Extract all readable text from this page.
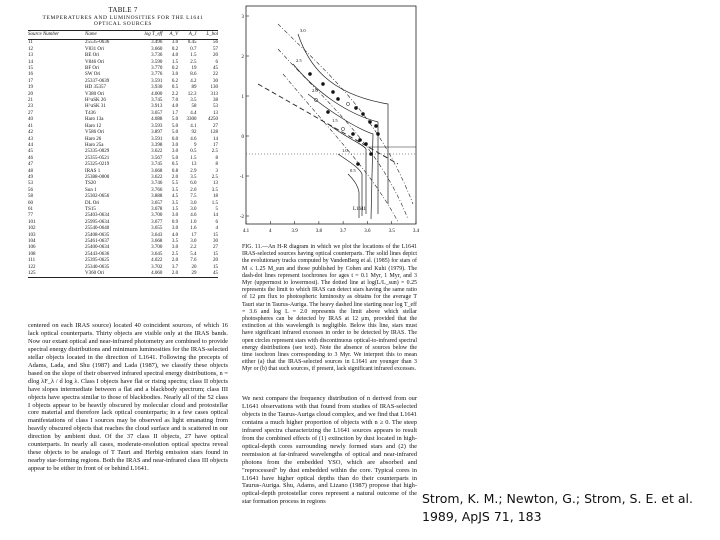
TABLE 7
TEMPERATURES AND LUMINOSITIES FOR THE L1641 OPTICAL SOURCES
Source Number	Name	log T_eff	A_V	A_J	L_bol
11	25535-0636	3.496	3.0	0.45	56
12	V831 Ori	3.660	0.2	0.7	57
13	BE Ori	3.736	4.0	1.5	20
14	V846 Ori	3.590	1.5	2.5	6
15	BF Ori	3.770	0.2	19	45
16	SW Ori	3.776	3.0	8.6	22
17	25337-0639	3.591	6.2	4.2	30
19	HD 35357	3.930	0.5	89	130
20	V380 Ori	4.000	2.2	12.3	313
21	H^aSK 26	3.745	7.0	3.5	38
23	H^aSK 31	3.913	4.0	58	53
27	T436	3.657	1.7	4.4	13
40	Haro 13a	4.088	5.0	3300	4250
41	Haro 12	3.593	5.0	4.1	27
42	V586 Ori	3.897	5.0	92	128
43	Haro 26	3.591	6.0	4.6	14
44	Haro 25a	3.398	3.0	9	17
45	25335-0029	3.622	3.0	0.5	2.5
46	25355-0521	3.567	5.0	1.5	8
47	25325-0219	3.745	0.5	13	8
48	IRAS 1	3.668	0.8	2.9	3
49	25388-0000	3.622	2.0	3.5	2.5
53	TS20	3.746	5.5	6.0	13
56	Sun 1	3.766	3.5	2.0	3.5
58	25302-0656	3.888	4.5	7.5	18
60	DL Ori	3.657	3.5	3.0	1.5
61	TS15	3.678	1.5	3.0	5
77	25403-0634	3.700	3.0	4.6	14
101	25995-0634	3.677	0.9	1.0	6
102	25540-0640	3.655	3.0	1.6	4
103	25408-0635	3.643	4.0	17	15
104	25461-0637	3.668	3.5	3.0	30
106	25400-0634	3.700	3.0	2.2	27
108	25443-0636	3.645	2.5	5.4	15
111	25395-0625	4.022	2.0	7.6	20
122	25340-0635	3.702	3.7	20	15
125	V360 Ori	4.060	2.0	29	45
centered on each IRAS source) located 40 coincident sources, of which 16 lack optical counterparts. Thirty objects are visible only at the IRAS bands. Now our extant optical and near-infrared photometry are combined to provide spectral energy distributions and minimum luminosities for the IRAS-selected stellar objects located in the direction of L1641. Following the precepts of Adams, Lada, and Shu (1987) and Lada (1987), we classify these objects based on the slope of their observed infrared spectral energy distributions, n = dlog λF_λ / d log λ. Class I objects have flat or rising spectra; class II objects have slopes intermediate between a flat and a blackbody spectrum; class III objects have spectra similar to those of blackbodies. Nearly all of the 52 class I objects appear to be heavily obscured by molecular cloud and protostellar core material and therefore lack optical counterparts; in a few cases optical manifestations of class I sources may be observed as light emanating from heavily obscured objects that reaches the cloud surface and is scattered in our direction by ambient dust. Of the 37 class II objects, 27 have optical counterparts. In nearly all cases, moderate-resolution optical spectra reveal these objects to be analogs of T Tauri and Herbig emission stars found in nearby star-forming regions. Both the IRAS and near-infrared class III objects appear to be either in front of or behind L1641.
4.1	4	3.9	3.8	3.7	3.6	3.5	3.4
3
2
1
0
-1
-2
3.0
2.5
2.0
1.5
1.0
0.5
L1641
FIG. 11.—An H-R diagram in which we plot the locations of the L1641 IRAS-selected sources having optical counterparts. The solid lines depict the evolutionary tracks computed by VandenBerg et al. (1985) for stars of M ≤ 1.25 M_sun and those published by Cohen and Kuhi (1979). The dash-dot lines represent isochrones for ages t = 0.1 Myr, 1 Myr, and 3 Myr (uppermost to lowermost). The dotted line at log(L/L_sun) = 0.25 represents the limit to which IRAS can detect stars having the same ratio of 12 μm flux to photospheric luminosity as obtains for the average T Tauri star in Taurus-Auriga. The heavy dashed line starting near log T_eff = 3.6 and log L = 2.0 represents the limit above which stellar photospheres can be detected by IRAS at 12 μm, provided that the extinction at this wavelength is negligible. Below this line, stars must have significant infrared excesses in order to be detected by IRAS. The open circles represent stars with discontinuous optical-to-infrared spectral energy distributions (see text). Note the absence of sources below the time isochron lines corresponding to 3 Myr. We interpret this to mean either (a) that the IRAS-selected sources in L1641 are younger than 3 Myr or (b) that such sources, if present, lack significant infrared excesses.
We next compare the frequency distribution of n derived from our L1641 observations with that found from studies of IRAS-selected objects in the Taurus-Auriga cloud complex, and we find that L1641 contains a much higher proportion of objects with n ≥ 0. The steep infrared spectra characterizing the L1641 sources appears to result from the combined effects of (1) extinction by dust located in high-optical-depth cores surrounding newly formed stars and (2) the reemission at far-infrared wavelengths of optical and near-infrared photons from the embedded YSO, which are absorbed and "reprocessed" by dust embedded within the core. Typical cores in L1641 have higher optical depths than do their counterparts in Taurus-Auriga. Shu, Adams, and Lizano (1987) propose that high-optical-depth protostellar cores represent a natural outcome of the star formation process in regions	Strom, K. M.; Newton, G.; Strom, S. E. et al. 1989, ApJS 71, 183
